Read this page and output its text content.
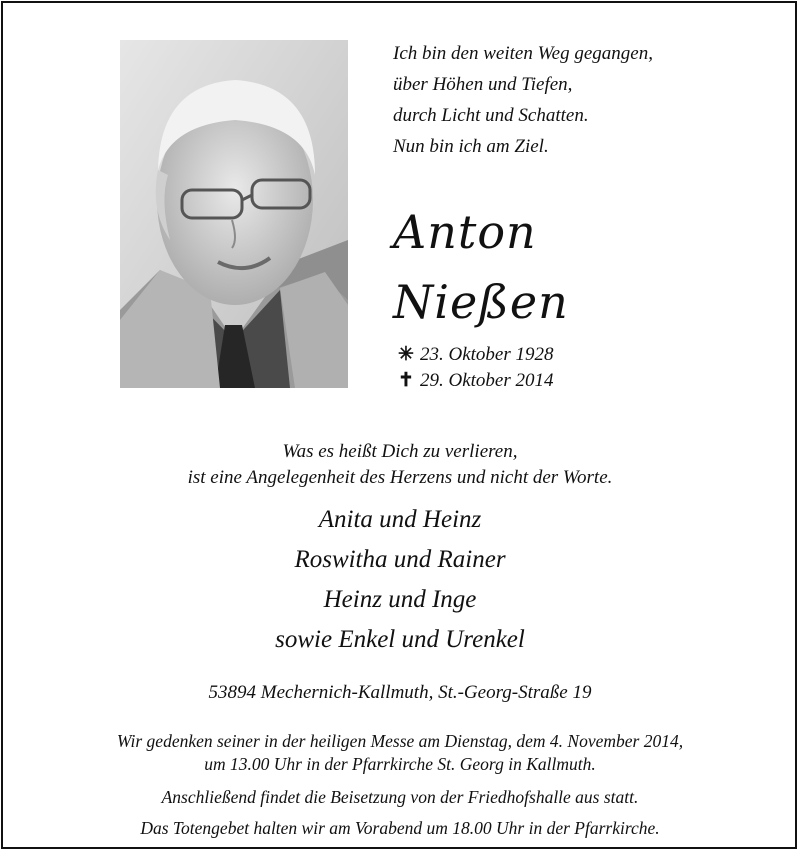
Ich bin den weiten Weg gegangen,
über Höhen und Tiefen,
durch Licht und Schatten.
Nun bin ich am Ziel.
Anton
Nießen
✳ 23. Oktober 1928
✝ 29. Oktober 2014
Was es heißt Dich zu verlieren,
ist eine Angelegenheit des Herzens und nicht der Worte.
Anita und Heinz
Roswitha und Rainer
Heinz und Inge
sowie Enkel und Urenkel
53894 Mechernich-Kallmuth, St.-Georg-Straße 19
Wir gedenken seiner in der heiligen Messe am Dienstag, dem 4. November 2014,
um 13.00 Uhr in der Pfarrkirche St. Georg in Kallmuth.
Anschließend findet die Beisetzung von der Friedhofshalle aus statt.
Das Totengebet halten wir am Vorabend um 18.00 Uhr in der Pfarrkirche.
